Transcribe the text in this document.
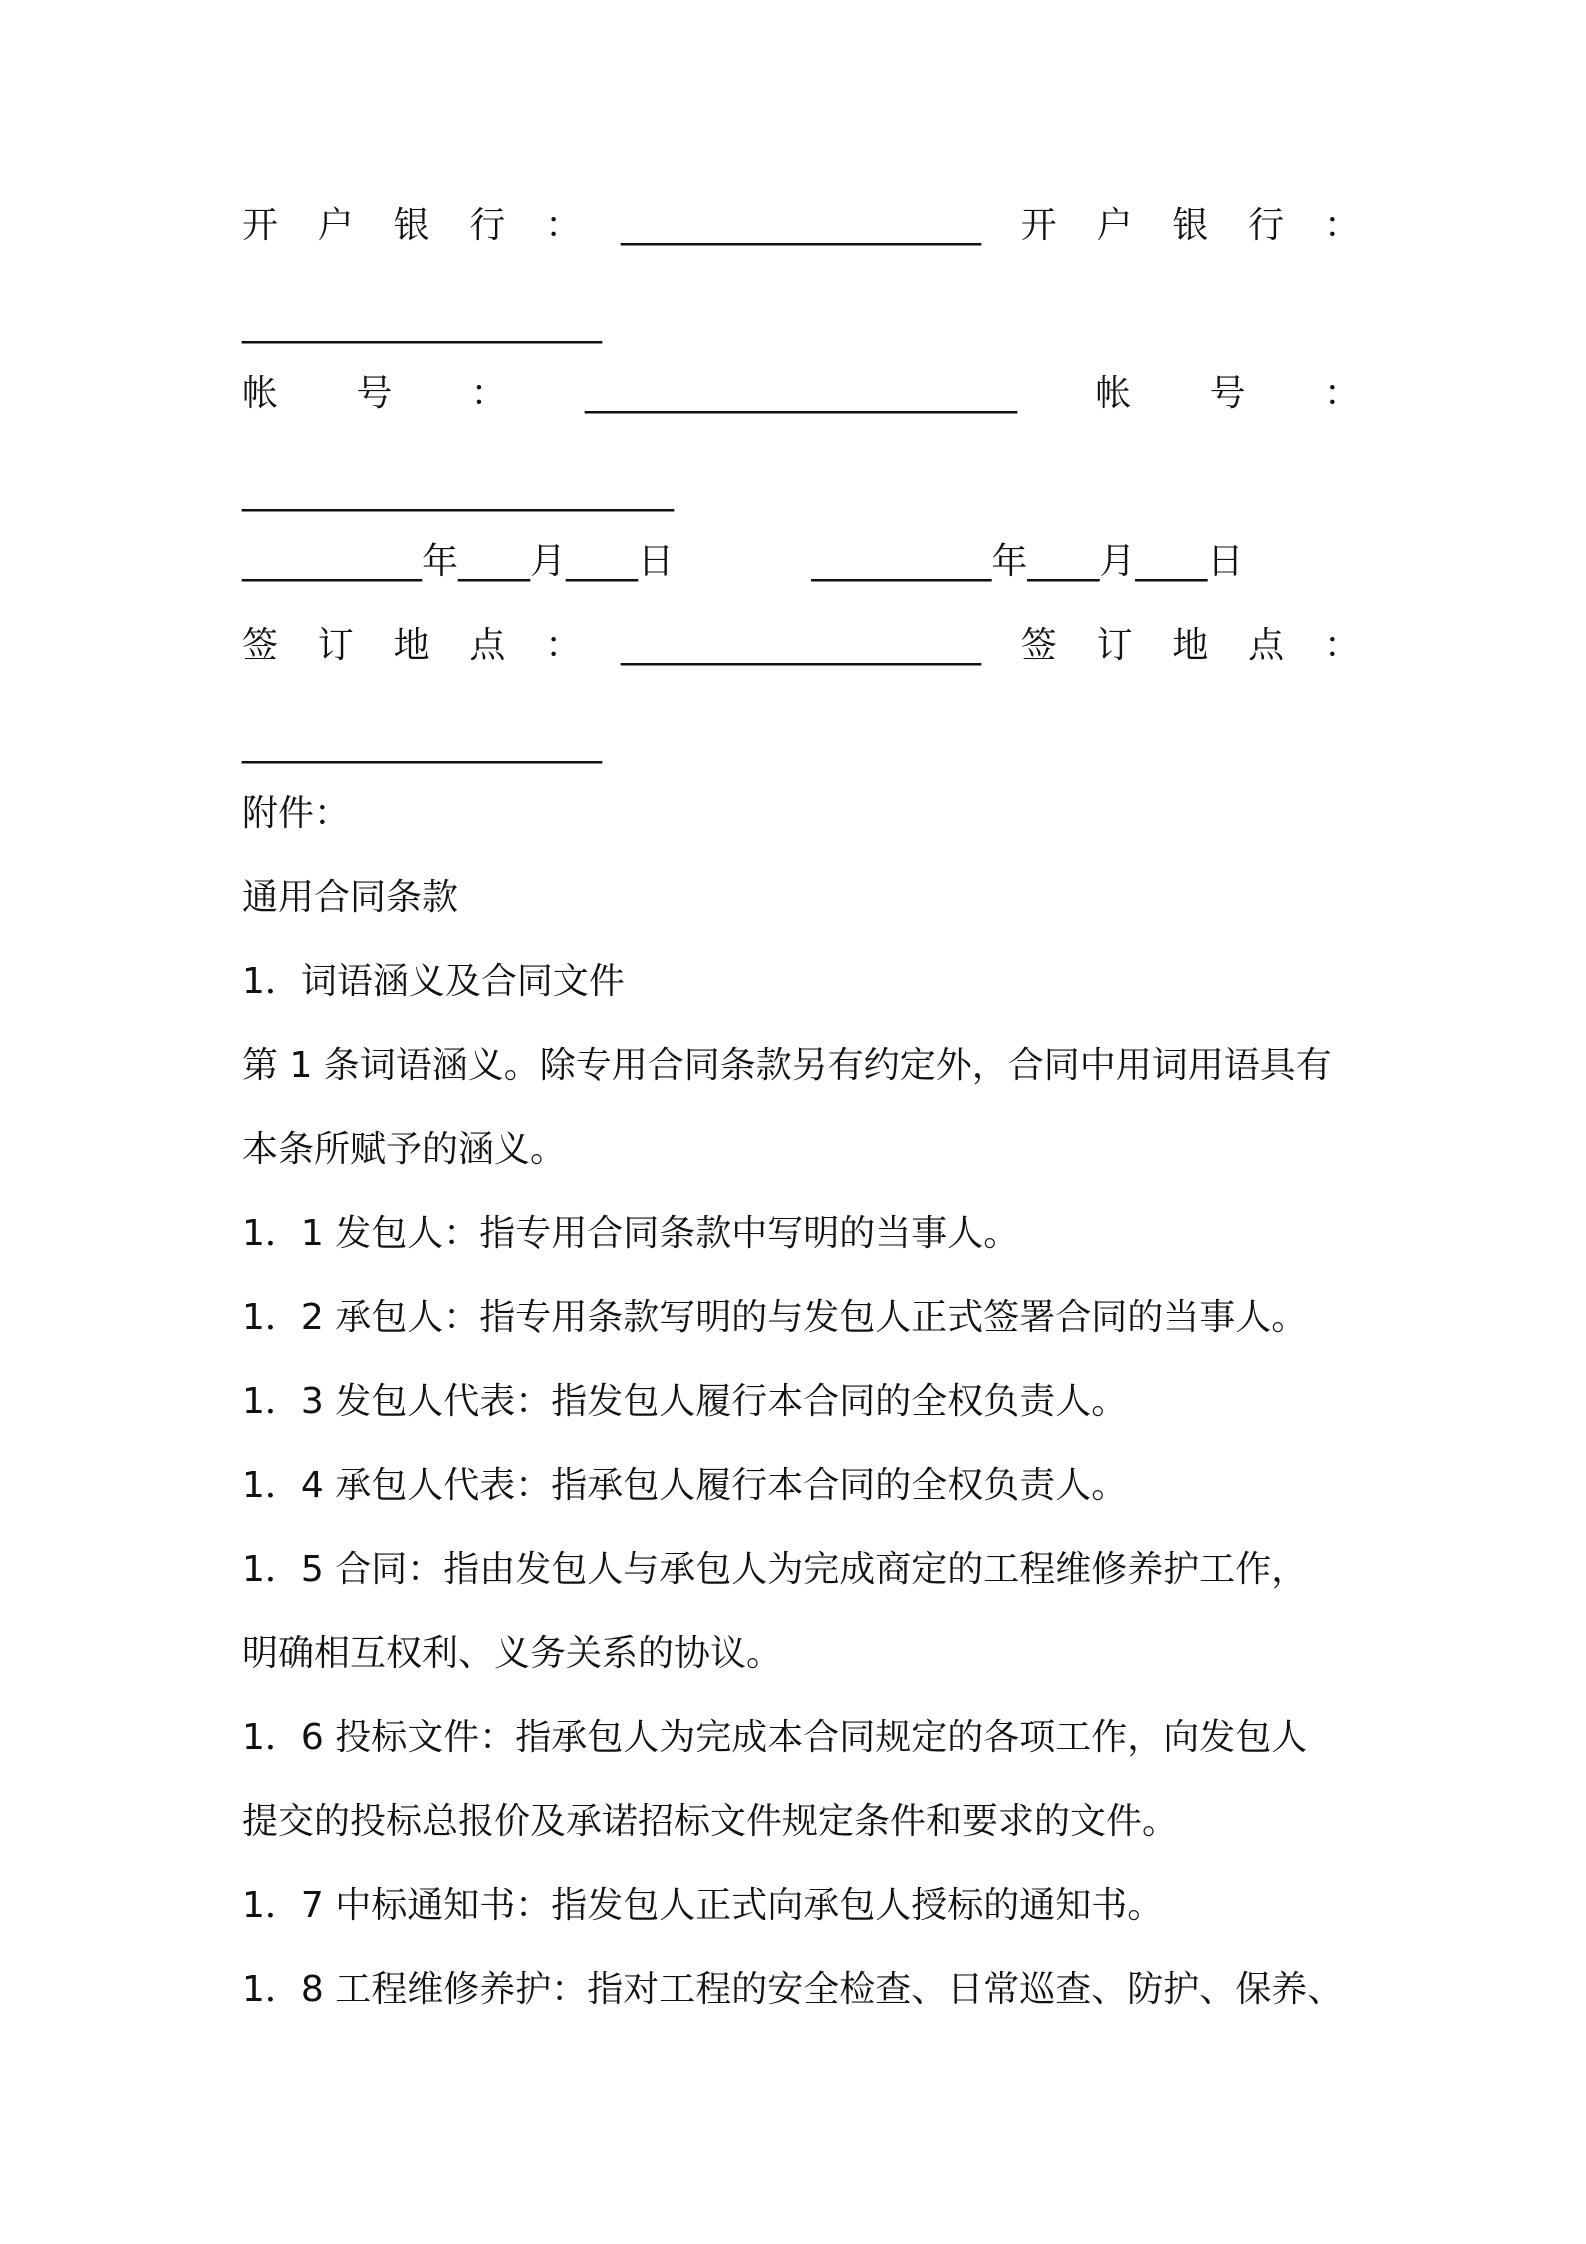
开 户 银 行 ： ____________________ 开 户 银 行 ：
____________________
帐 号 ： ________________________ 帐 号 ：
________________________
__________年____月____日            __________年____月____日
签 订 地 点 ： ____________________ 签 订 地 点 ：
____________________
附件：
通用合同条款
1．词语涵义及合同文件
第 1 条词语涵义。除专用合同条款另有约定外，合同中用词用语具有
本条所赋予的涵义。
1．1 发包人：指专用合同条款中写明的当事人。
1．2 承包人：指专用条款写明的与发包人正式签署合同的当事人。
1．3 发包人代表：指发包人履行本合同的全权负责人。
1．4 承包人代表：指承包人履行本合同的全权负责人。
1．5 合同：指由发包人与承包人为完成商定的工程维修养护工作，
明确相互权利、义务关系的协议。
1．6 投标文件：指承包人为完成本合同规定的各项工作，向发包人
提交的投标总报价及承诺招标文件规定条件和要求的文件。
1．7 中标通知书：指发包人正式向承包人授标的通知书。
1．8 工程维修养护：指对工程的安全检查、日常巡查、防护、保养、
